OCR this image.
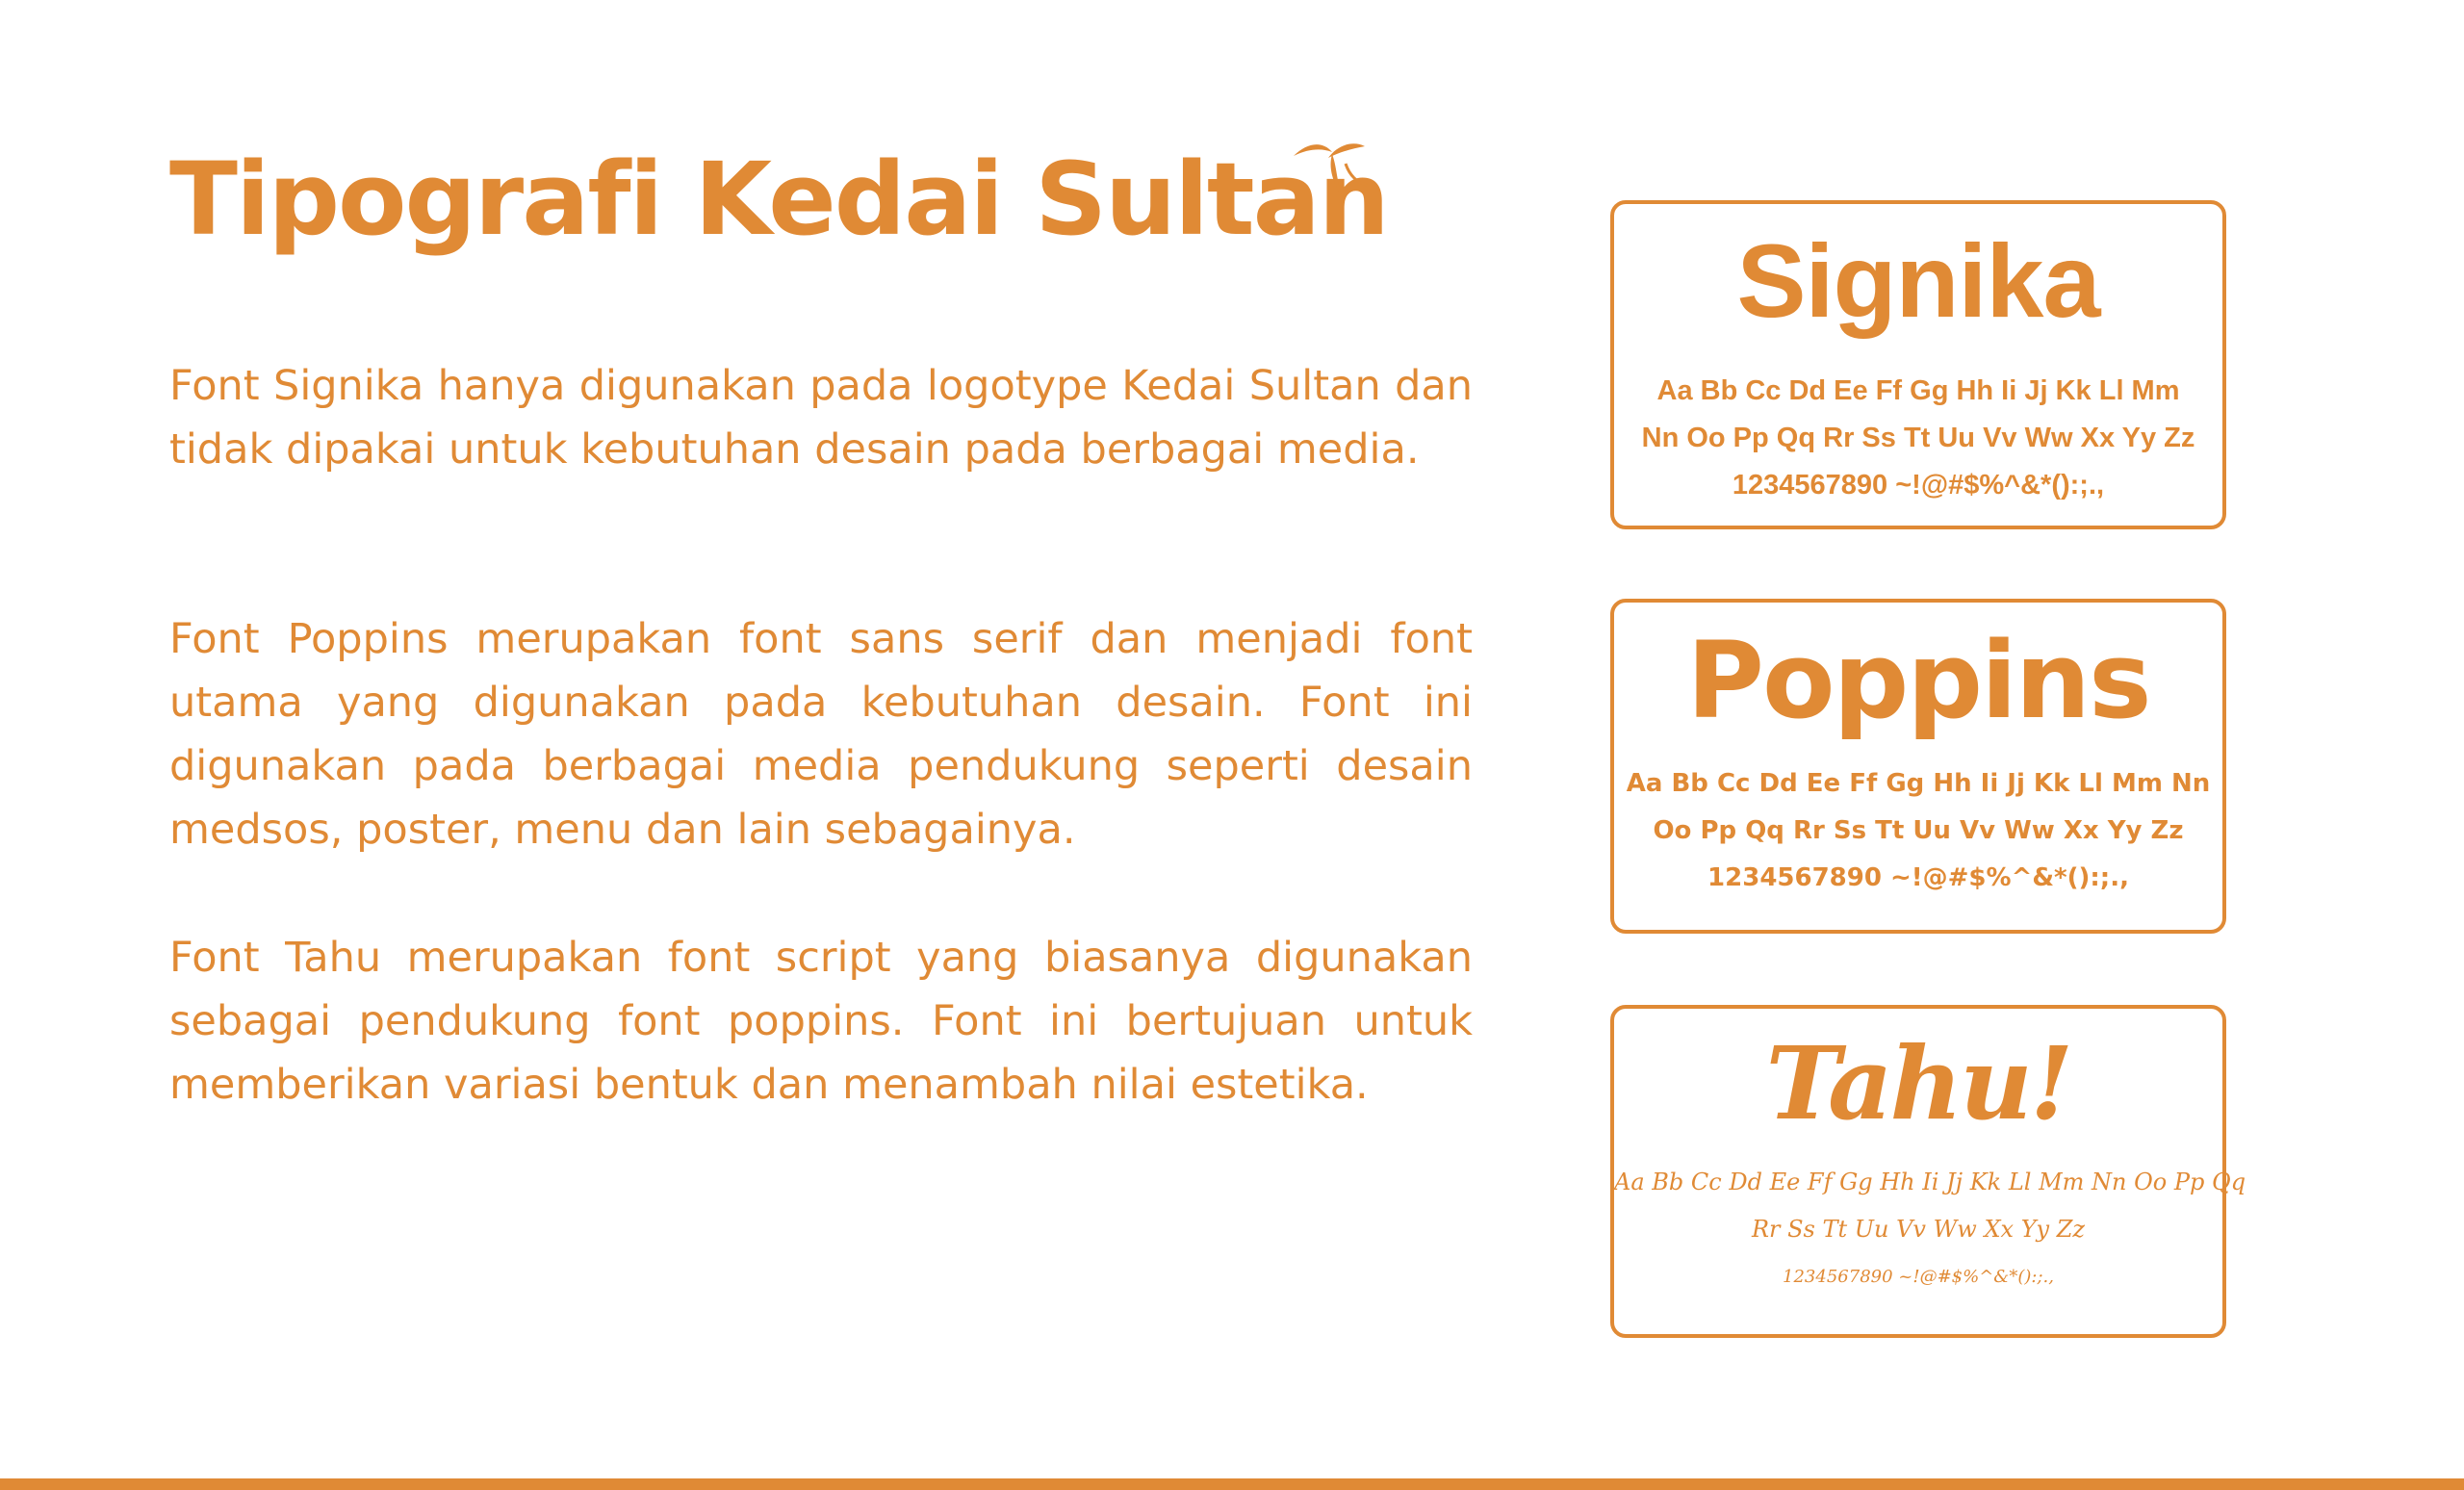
Tipografi Kedai Sultan

Font Signika hanya digunakan pada logotype Kedai Sultan dan tidak dipakai untuk kebutuhan desain pada berbagai media.

Font Poppins merupakan font sans serif dan menjadi font utama yang digunakan pada kebutuhan desain. Font ini digunakan pada berbagai media pendukung seperti desain medsos, poster, menu dan lain sebagainya.

Font Tahu merupakan font script yang biasanya digunakan sebagai pendukung font poppins. Font ini bertujuan untuk memberikan variasi bentuk dan menambah nilai estetika.

Signika
Aa Bb Cc Dd Ee Ff Gg Hh Ii Jj Kk Ll Mm
Nn Oo Pp Qq Rr Ss Tt Uu Vv Ww Xx Yy Zz
1234567890 ~!@#$%^&*():;.,
Poppins
Aa Bb Cc Dd Ee Ff Gg Hh Ii Jj Kk Ll Mm Nn
Oo Pp Qq Rr Ss Tt Uu Vv Ww Xx Yy Zz
1234567890 ~!@#$%^&*():;.,
Tahu!
Aa Bb Cc Dd Ee Ff Gg Hh Ii Jj Kk Ll Mm Nn Oo Pp Qq
Rr Ss Tt Uu Vv Ww Xx Yy Zz
1234567890 ~!@#$%^&*():;.,
